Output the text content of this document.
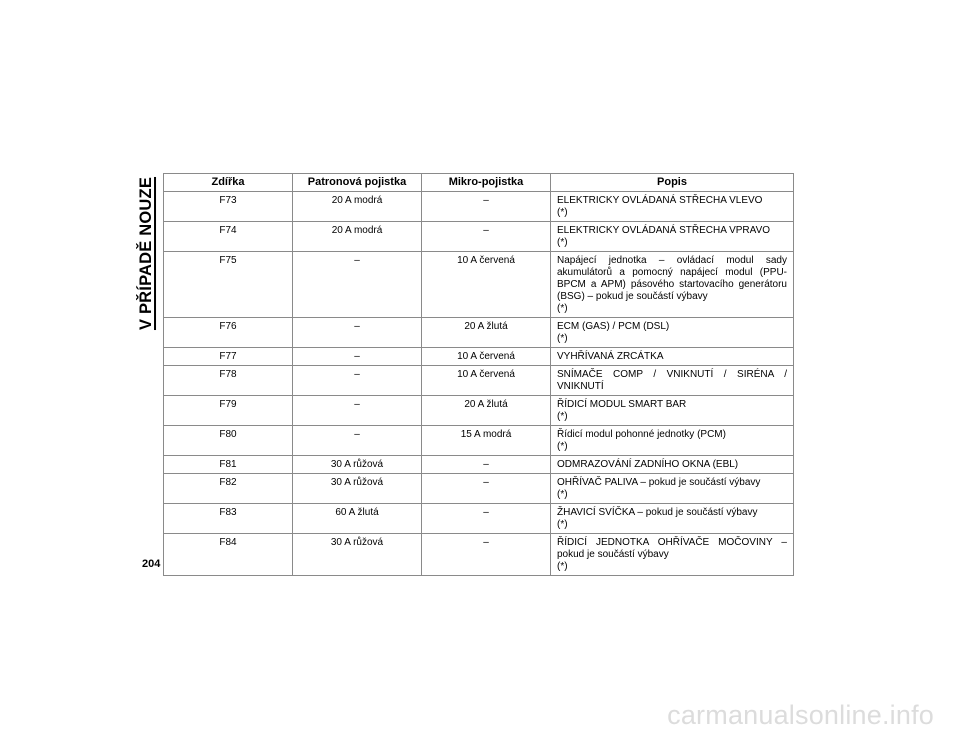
V PŘÍPADĚ NOUZE	Zdířka	Patronová pojistka	Mikro-pojistka	Popis
F73	20 A modrá	–	ELEKTRICKY OVLÁDANÁ STŘECHA VLEVO
(*)

F74	20 A modrá	–	ELEKTRICKY OVLÁDANÁ STŘECHA VPRAVO
(*)

F75	–	10 A červená	Napájecí jednotka – ovládací modul sady akumulátorů a pomocný napájecí modul (PPU-BPCM a APM) pásového startovacího generátoru (BSG) – pokud je součástí výbavy
(*)

F76	–	20 A žlutá	ECM (GAS) / PCM (DSL)
(*)

F77	–	10 A červená	VYHŘÍVANÁ ZRCÁTKA

F78	–	10 A červená	SNÍMAČE COMP / VNIKNUTÍ / SIRÉNA / VNIKNUTÍ

F79	–	20 A žlutá	ŘÍDICÍ MODUL SMART BAR
(*)

F80	–	15 A modrá	Řídicí modul pohonné jednotky (PCM)
(*)

F81	30 A růžová	–	ODMRAZOVÁNÍ ZADNÍHO OKNA (EBL)

F82	30 A růžová	–	OHŘÍVAČ PALIVA – pokud je součástí výbavy
(*)

F83	60 A žlutá	–	ŽHAVICÍ SVÍČKA – pokud je součástí výbavy
(*)

F84	30 A růžová	–	ŘÍDICÍ JEDNOTKA OHŘÍVAČE MOČOVINY – pokud je součástí výbavy
(*)
204
carmanualsonline.info
